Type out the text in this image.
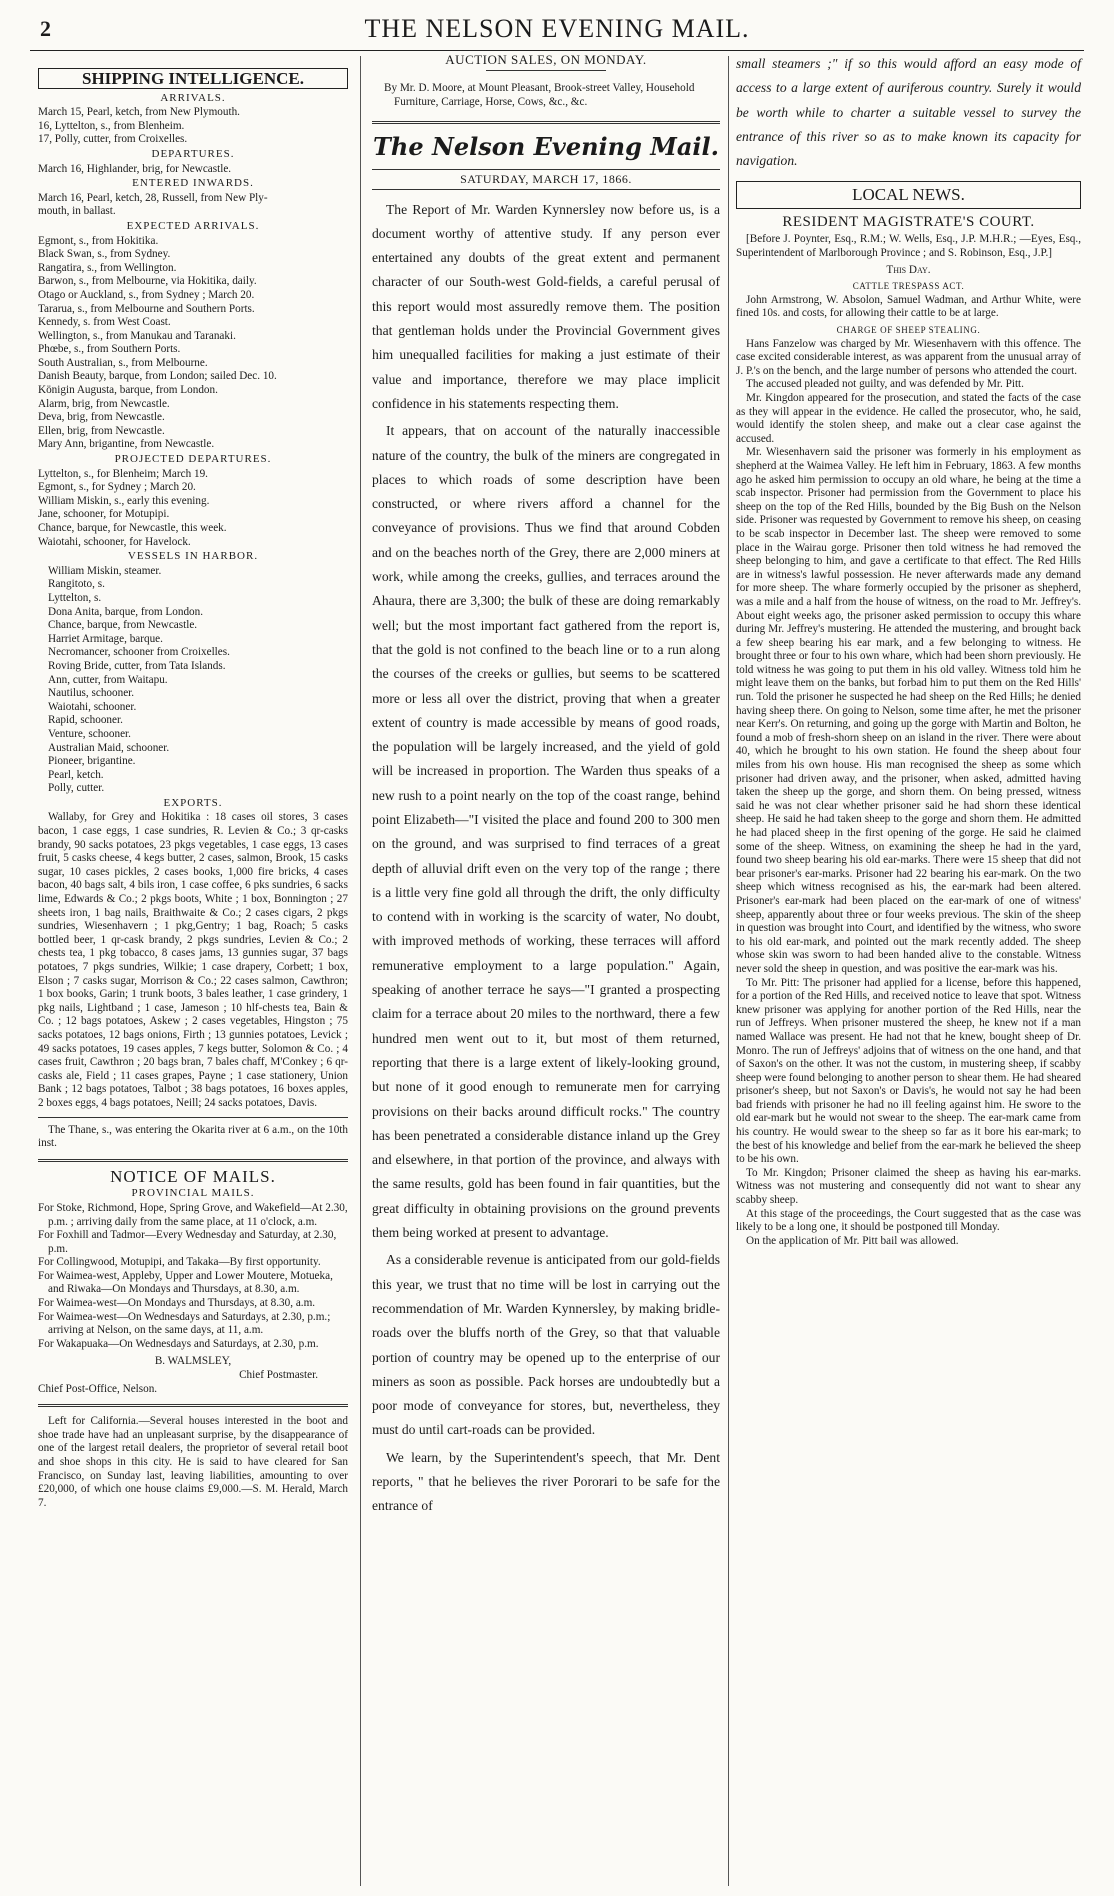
2	THE NELSON EVENING MAIL.
SHIPPING INTELLIGENCE.
ARRIVALS.
March 15, Pearl, ketch, from New Plymouth.
16, Lyttelton, s., from Blenheim.
17, Polly, cutter, from Croixelles.
DEPARTURES.
March 16, Highlander, brig, for Newcastle.
ENTERED INWARDS.
March 16, Pearl, ketch, 28, Russell, from New Ply-
mouth, in ballast.
EXPECTED ARRIVALS.
Egmont, s., from Hokitika.
Black Swan, s., from Sydney.
Rangatira, s., from Wellington.
Barwon, s., from Melbourne, via Hokitika, daily.
Otago or Auckland, s., from Sydney ; March 20.
Tararua, s., from Melbourne and Southern Ports.
Kennedy, s. from West Coast.
Wellington, s., from Manukau and Taranaki.
Phœbe, s., from Southern Ports.
South Australian, s., from Melbourne.
Danish Beauty, barque, from London; sailed Dec. 10.
Königin Augusta, barque, from London.
Alarm, brig, from Newcastle.
Deva, brig, from Newcastle.
Ellen, brig, from Newcastle.
Mary Ann, brigantine, from Newcastle.
PROJECTED DEPARTURES.
Lyttelton, s., for Blenheim; March 19.
Egmont, s., for Sydney ; March 20.
William Miskin, s., early this evening.
Jane, schooner, for Motupipi.
Chance, barque, for Newcastle, this week.
Waiotahi, schooner, for Havelock.
VESSELS IN HARBOR.
William Miskin, steamer.
Rangitoto, s.
Lyttelton, s.
Dona Anita, barque, from London.
Chance, barque, from Newcastle.
Harriet Armitage, barque.
Necromancer, schooner from Croixelles.
Roving Bride, cutter, from Tata Islands.
Ann, cutter, from Waitapu.
Nautilus, schooner.
Waiotahi, schooner.
Rapid, schooner.
Venture, schooner.
Australian Maid, schooner.
Pioneer, brigantine.
Pearl, ketch.
Polly, cutter.
EXPORTS.

Wallaby, for Grey and Hokitika : 18 cases oil stores, 3 cases bacon, 1 case eggs, 1 case sundries, R. Levien & Co.; 3 qr-casks brandy, 90 sacks potatoes, 23 pkgs vegetables, 1 case eggs, 13 cases fruit, 5 casks cheese, 4 kegs butter, 2 cases, salmon, Brook, 15 casks sugar, 10 cases pickles, 2 cases books, 1,000 fire bricks, 4 cases bacon, 40 bags salt, 4 bils iron, 1 case coffee, 6 pks sundries, 6 sacks lime, Edwards & Co.; 2 pkgs boots, White ; 1 box, Bonnington ; 27 sheets iron, 1 bag nails, Braithwaite & Co.; 2 cases cigars, 2 pkgs sundries, Wiesenhavern ; 1 pkg,Gentry; 1 bag, Roach; 5 casks bottled beer, 1 qr-cask brandy, 2 pkgs sundries, Levien & Co.; 2 chests tea, 1 pkg tobacco, 8 cases jams, 13 gunnies sugar, 37 bags potatoes, 7 pkgs sundries, Wilkie; 1 case drapery, Corbett; 1 box, Elson ; 7 casks sugar, Morrison & Co.; 22 cases salmon, Cawthron; 1 box books, Garin; 1 trunk boots, 3 bales leather, 1 case grindery, 1 pkg nails, Lightband ; 1 case, Jameson ; 10 hlf-chests tea, Bain & Co. ; 12 bags potatoes, Askew ; 2 cases vegetables, Hingston ; 75 sacks potatoes, 12 bags onions, Firth ; 13 gunnies potatoes, Levick ; 49 sacks potatoes, 19 cases apples, 7 kegs butter, Solomon & Co. ; 4 cases fruit, Cawthron ; 20 bags bran, 7 bales chaff, M'Conkey ; 6 qr-casks ale, Field ; 11 cases grapes, Payne ; 1 case stationery, Union Bank ; 12 bags potatoes, Talbot ; 38 bags potatoes, 16 boxes apples, 2 boxes eggs, 4 bags potatoes, Neill; 24 sacks potatoes, Davis.

The Thane, s., was entering the Okarita river at 6 a.m., on the 10th inst.

NOTICE OF MAILS.
PROVINCIAL MAILS.
For Stoke, Richmond, Hope, Spring Grove, and Wakefield—At 2.30, p.m. ; arriving daily from the same place, at 11 o'clock, a.m.
For Foxhill and Tadmor—Every Wednesday and Saturday, at 2.30, p.m.
For Collingwood, Motupipi, and Takaka—By first opportunity.
For Waimea-west, Appleby, Upper and Lower Moutere, Motueka, and Riwaka—On Mondays and Thursdays, at 8.30, a.m.
For Waimea-west—On Mondays and Thursdays, at 8.30, a.m.
For Waimea-west—On Wednesdays and Saturdays, at 2.30, p.m.; arriving at Nelson, on the same days, at 11, a.m.
For Wakapuaka—On Wednesdays and Saturdays, at 2.30, p.m.
B. WALMSLEY,
Chief Postmaster.
Chief Post-Office, Nelson.

Left for California.—Several houses interested in the boot and shoe trade have had an unpleasant surprise, by the disappearance of one of the largest retail dealers, the proprietor of several retail boot and shoe shops in this city. He is said to have cleared for San Francisco, on Sunday last, leaving liabilities, amounting to over £20,000, of which one house claims £9,000.—S. M. Herald, March 7.

AUCTION SALES, ON MONDAY.

By Mr. D. Moore, at Mount Pleasant, Brook-street Valley, Household Furniture, Carriage, Horse, Cows, &c., &c.

The Nelson Evening Mail.
SATURDAY, MARCH 17, 1866.
The Report of Mr. Warden Kynnersley now before us, is a document worthy of attentive study. If any person ever entertained any doubts of the great extent and permanent character of our South-west Gold-fields, a careful perusal of this report would most assuredly remove them. The position that gentleman holds under the Provincial Government gives him unequalled facilities for making a just estimate of their value and importance, therefore we may place implicit confidence in his statements respecting them.
It appears, that on account of the naturally inaccessible nature of the country, the bulk of the miners are congregated in places to which roads of some description have been constructed, or where rivers afford a channel for the conveyance of provisions. Thus we find that around Cobden and on the beaches north of the Grey, there are 2,000 miners at work, while among the creeks, gullies, and terraces around the Ahaura, there are 3,300; the bulk of these are doing remarkably well; but the most important fact gathered from the report is, that the gold is not confined to the beach line or to a run along the courses of the creeks or gullies, but seems to be scattered more or less all over the district, proving that when a greater extent of country is made accessible by means of good roads, the population will be largely increased, and the yield of gold will be increased in proportion. The Warden thus speaks of a new rush to a point nearly on the top of the coast range, behind point Elizabeth—"I visited the place and found 200 to 300 men on the ground, and was surprised to find terraces of a great depth of alluvial drift even on the very top of the range ; there is a little very fine gold all through the drift, the only difficulty to contend with in working is the scarcity of water, No doubt, with improved methods of working, these terraces will afford remunerative employment to a large population." Again, speaking of another terrace he says—"I granted a prospecting claim for a terrace about 20 miles to the northward, there a few hundred men went out to it, but most of them returned, reporting that there is a large extent of likely-looking ground, but none of it good enough to remunerate men for carrying provisions on their backs around difficult rocks." The country has been penetrated a considerable distance inland up the Grey and elsewhere, in that portion of the province, and always with the same results, gold has been found in fair quantities, but the great difficulty in obtaining provisions on the ground prevents them being worked at present to advantage.
As a considerable revenue is anticipated from our gold-fields this year, we trust that no time will be lost in carrying out the recommendation of Mr. Warden Kynnersley, by making bridle-roads over the bluffs north of the Grey, so that that valuable portion of country may be opened up to the enterprise of our miners as soon as possible. Pack horses are undoubtedly but a poor mode of conveyance for stores, but, nevertheless, they must do until cart-roads can be provided.
We learn, by the Superintendent's speech, that Mr. Dent reports, " that he believes the river Pororari to be safe for the entrance of

small steamers ;" if so this would afford an easy mode of access to a large extent of auriferous country. Surely it would be worth while to charter a suitable vessel to survey the entrance of this river so as to make known its capacity for navigation.

LOCAL NEWS.
RESIDENT MAGISTRATE'S COURT.

[Before J. Poynter, Esq., R.M.; W. Wells, Esq., J.P. M.H.R.; —Eyes, Esq., Superintendent of Marlborough Province ; and S. Robinson, Esq., J.P.]

This Day.
CATTLE TRESPASS ACT.

John Armstrong, W. Absolon, Samuel Wadman, and Arthur White, were fined 10s. and costs, for allowing their cattle to be at large.

CHARGE OF SHEEP STEALING.
Hans Fanzelow was charged by Mr. Wiesenhavern with this offence. The case excited considerable interest, as was apparent from the unusual array of J. P.'s on the bench, and the large number of persons who attended the court.
The accused pleaded not guilty, and was defended by Mr. Pitt.
Mr. Kingdon appeared for the prosecution, and stated the facts of the case as they will appear in the evidence. He called the prosecutor, who, he said, would identify the stolen sheep, and make out a clear case against the accused.
Mr. Wiesenhavern said the prisoner was formerly in his employment as shepherd at the Waimea Valley. He left him in February, 1863. A few months ago he asked him permission to occupy an old whare, he being at the time a scab inspector. Prisoner had permission from the Government to place his sheep on the top of the Red Hills, bounded by the Big Bush on the Nelson side. Prisoner was requested by Government to remove his sheep, on ceasing to be scab inspector in December last. The sheep were removed to some place in the Wairau gorge. Prisoner then told witness he had removed the sheep belonging to him, and gave a certificate to that effect. The Red Hills are in witness's lawful possession. He never afterwards made any demand for more sheep. The whare formerly occupied by the prisoner as shepherd, was a mile and a half from the house of witness, on the road to Mr. Jeffrey's. About eight weeks ago, the prisoner asked permission to occupy this whare during Mr. Jeffrey's mustering. He attended the mustering, and brought back a few sheep bearing his ear mark, and a few belonging to witness. He brought three or four to his own whare, which had been shorn previously. He told witness he was going to put them in his old valley. Witness told him he might leave them on the banks, but forbad him to put them on the Red Hills' run. Told the prisoner he suspected he had sheep on the Red Hills; he denied having sheep there. On going to Nelson, some time after, he met the prisoner near Kerr's. On returning, and going up the gorge with Martin and Bolton, he found a mob of fresh-shorn sheep on an island in the river. There were about 40, which he brought to his own station. He found the sheep about four miles from his own house. His man recognised the sheep as some which prisoner had driven away, and the prisoner, when asked, admitted having taken the sheep up the gorge, and shorn them. On being pressed, witness said he was not clear whether prisoner said he had shorn these identical sheep. He said he had taken sheep to the gorge and shorn them. He admitted he had placed sheep in the first opening of the gorge. He said he claimed some of the sheep. Witness, on examining the sheep he had in the yard, found two sheep bearing his old ear-marks. There were 15 sheep that did not bear prisoner's ear-marks. Prisoner had 22 bearing his ear-mark. On the two sheep which witness recognised as his, the ear-mark had been altered. Prisoner's ear-mark had been placed on the ear-mark of one of witness' sheep, apparently about three or four weeks previous. The skin of the sheep in question was brought into Court, and identified by the witness, who swore to his old ear-mark, and pointed out the mark recently added. The sheep whose skin was sworn to had been handed alive to the constable. Witness never sold the sheep in question, and was positive the ear-mark was his.
To Mr. Pitt: The prisoner had applied for a license, before this happened, for a portion of the Red Hills, and received notice to leave that spot. Witness knew prisoner was applying for another portion of the Red Hills, near the run of Jeffreys. When prisoner mustered the sheep, he knew not if a man named Wallace was present. He had not that he knew, bought sheep of Dr. Monro. The run of Jeffreys' adjoins that of witness on the one hand, and that of Saxon's on the other. It was not the custom, in mustering sheep, if scabby sheep were found belonging to another person to shear them. He had sheared prisoner's sheep, but not Saxon's or Davis's, he would not say he had been bad friends with prisoner he had no ill feeling against him. He swore to the old ear-mark but he would not swear to the sheep. The ear-mark came from his country. He would swear to the sheep so far as it bore his ear-mark; to the best of his knowledge and belief from the ear-mark he believed the sheep to be his own.
To Mr. Kingdon; Prisoner claimed the sheep as having his ear-marks. Witness was not mustering and consequently did not want to shear any scabby sheep.
At this stage of the proceedings, the Court suggested that as the case was likely to be a long one, it should be postponed till Monday.
On the application of Mr. Pitt bail was allowed.
